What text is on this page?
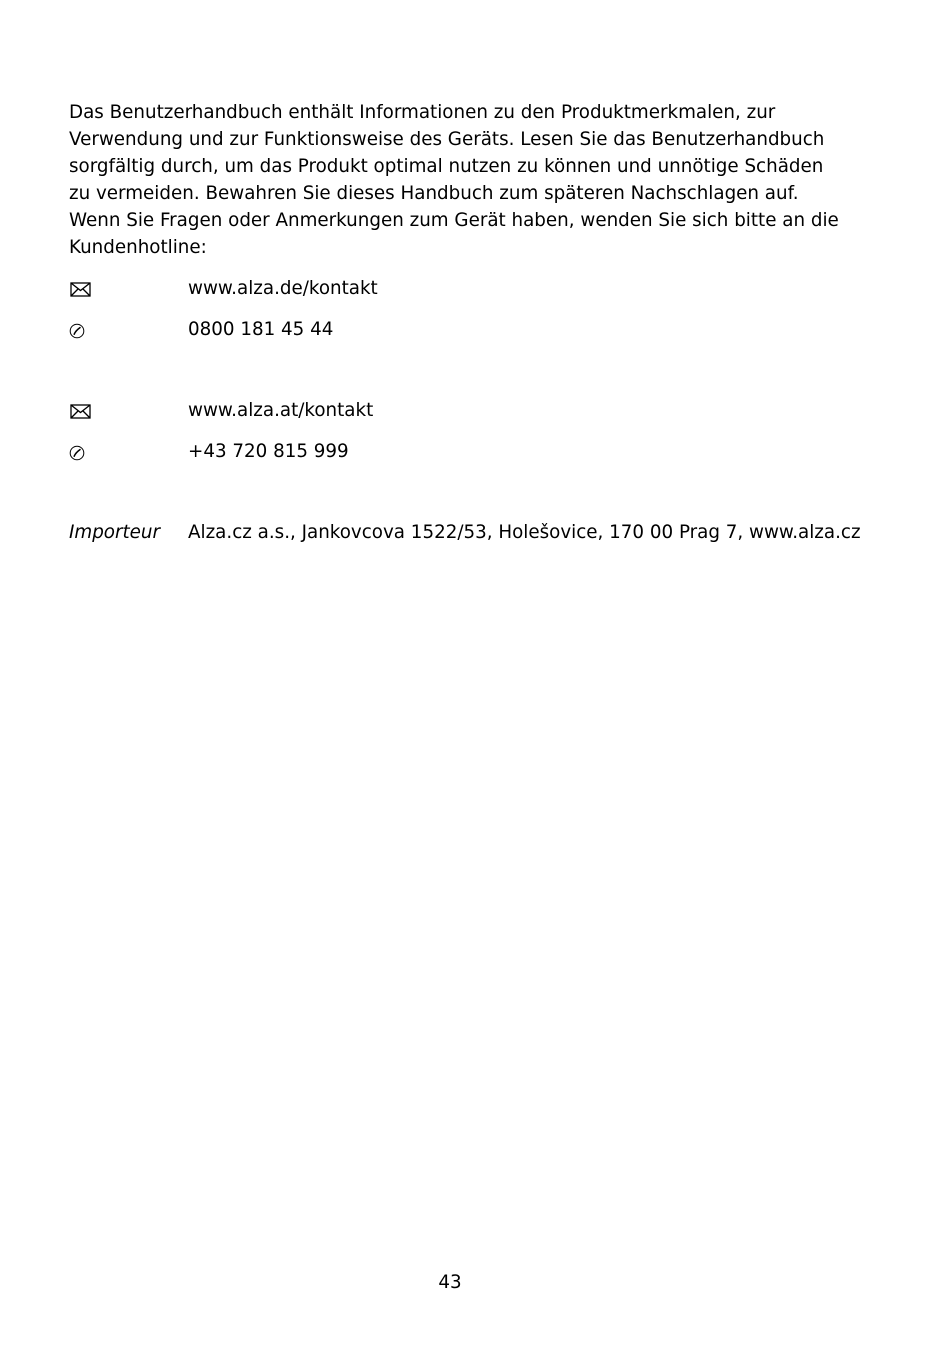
Das Benutzerhandbuch enthält Informationen zu den Produktmerkmalen, zur Verwendung und zur Funktionsweise des Geräts. Lesen Sie das Benutzerhandbuch sorgfältig durch, um das Produkt optimal nutzen zu können und unnötige Schäden zu vermeiden. Bewahren Sie dieses Handbuch zum späteren Nachschlagen auf. Wenn Sie Fragen oder Anmerkungen zum Gerät haben, wenden Sie sich bitte an die Kundenhotline:

www.alza.de/kontakt
0800 181 45 44
www.alza.at/kontakt
+43 720 815 999
Importeur Alza.cz a.s., Jankovcova 1522/53, Holešovice, 170 00 Prag 7, www.alza.cz
43
